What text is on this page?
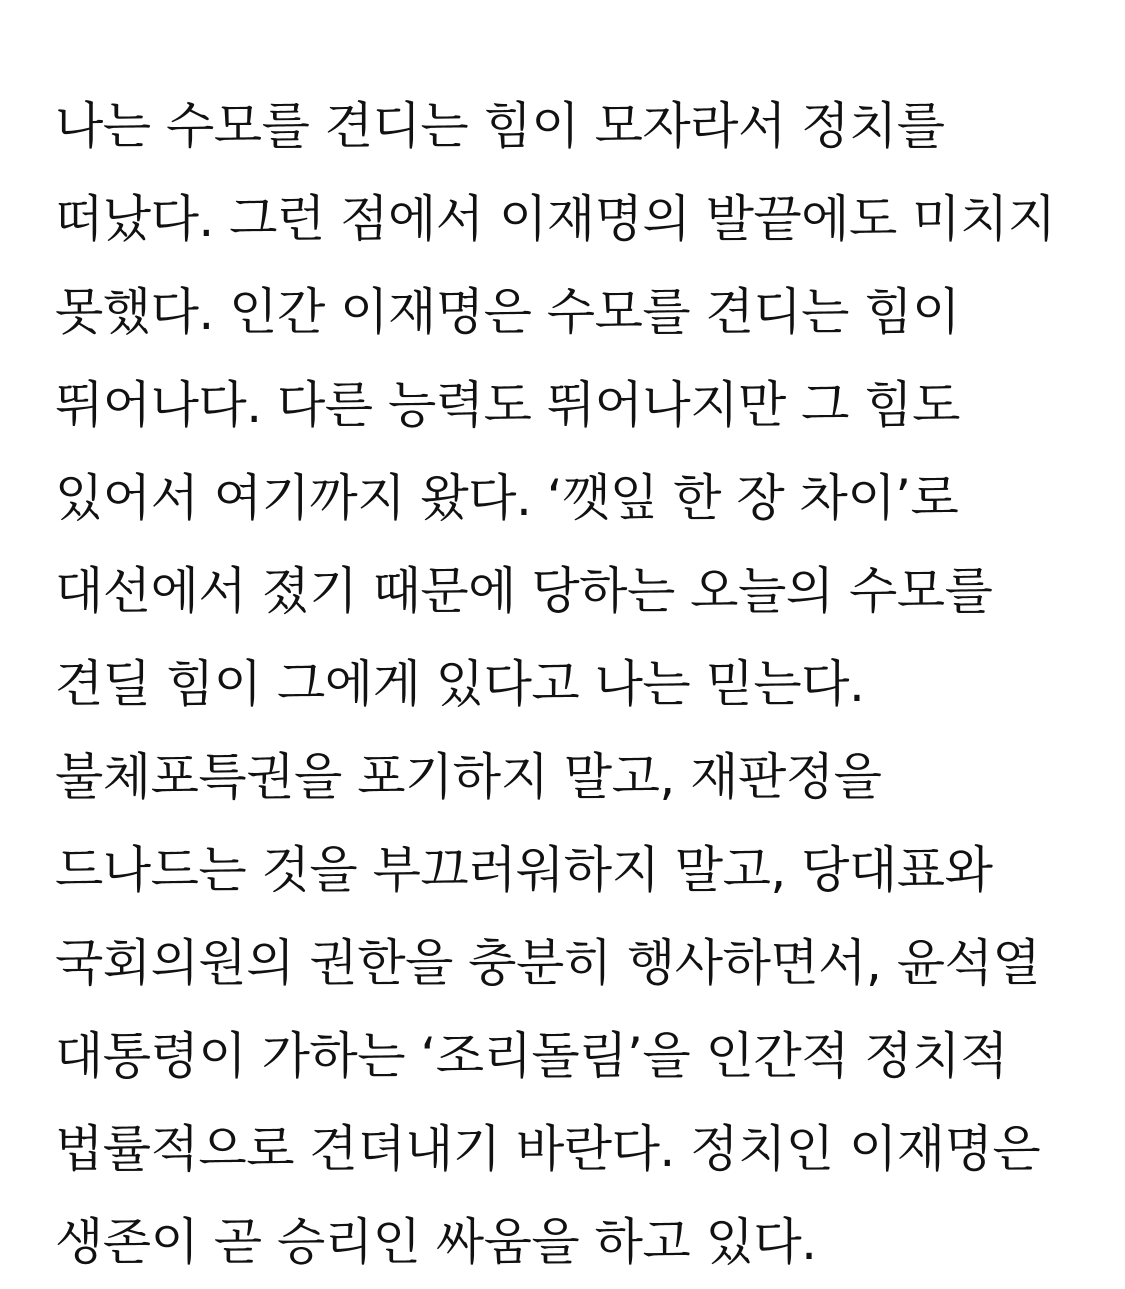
나는 수모를 견디는 힘이 모자라서 정치를 떠났다. 그런 점에서 이재명의 발끝에도 미치지 못했다. 인간 이재명은 수모를 견디는 힘이 뛰어나다. 다른 능력도 뛰어나지만 그 힘도 있어서 여기까지 왔다. ‘깻잎 한 장 차이’로 대선에서 졌기 때문에 당하는 오늘의 수모를 견딜 힘이 그에게 있다고 나는 믿는다. 불체포특권을 포기하지 말고, 재판정을 드나드는 것을 부끄러워하지 말고, 당대표와 국회의원의 권한을 충분히 행사하면서, 윤석열 대통령이 가하는 ‘조리돌림’을 인간적 정치적 법률적으로 견뎌내기 바란다. 정치인 이재명은 생존이 곧 승리인 싸움을 하고 있다.
